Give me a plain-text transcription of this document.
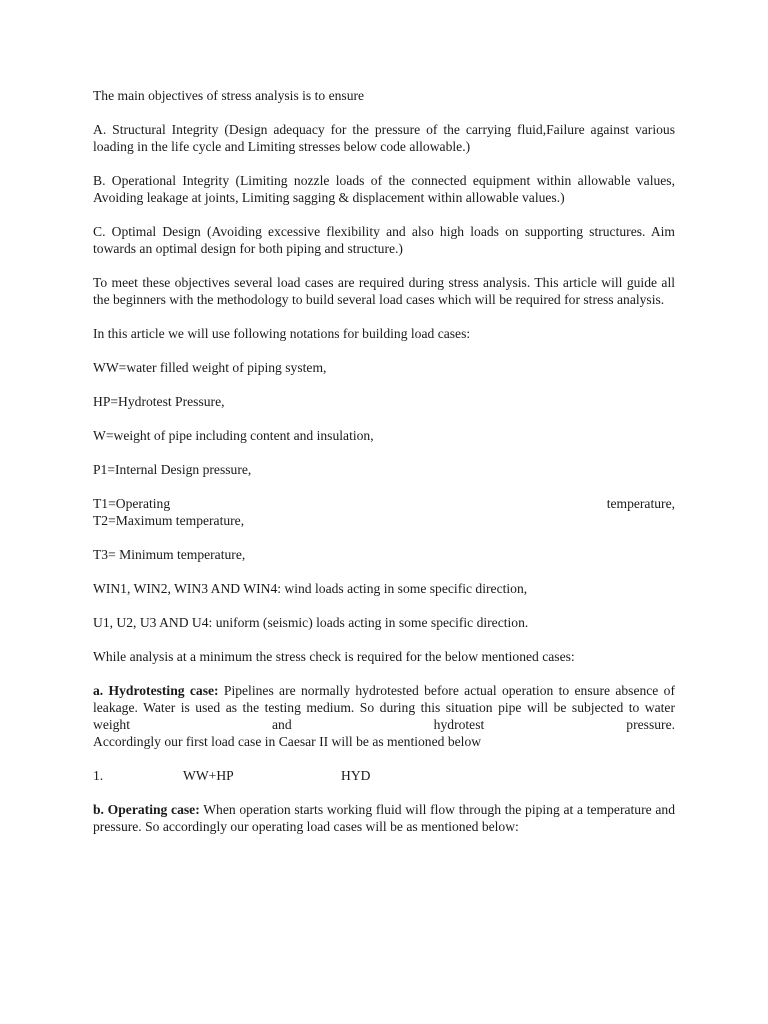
The main objectives of stress analysis is to ensure

A. Structural Integrity (Design adequacy for the pressure of the carrying fluid,Failure against various loading in the life cycle and Limiting stresses below code allowable.)

B. Operational Integrity (Limiting nozzle loads of the connected equipment within allowable values, Avoiding leakage at joints, Limiting sagging & displacement within allowable values.)

C. Optimal Design (Avoiding excessive flexibility and also high loads on supporting structures. Aim towards an optimal design for both piping and structure.)

To meet these objectives several load cases are required during stress analysis. This article will guide all the beginners with the methodology to build several load cases which will be required for stress analysis.

In this article we will use following notations for building load cases:

WW=water filled weight of piping system,

HP=Hydrotest Pressure,

W=weight of pipe including content and insulation,

P1=Internal Design pressure,

T1=Operating	temperature,
T2=Maximum temperature,

T3= Minimum temperature,

WIN1, WIN2, WIN3 AND WIN4: wind loads acting in some specific direction,

U1, U2, U3 AND U4: uniform (seismic) loads acting in some specific direction.

While analysis at a minimum the stress check is required for the below mentioned cases:

a. Hydrotesting case: Pipelines are normally hydrotested before actual operation to ensure absence of leakage. Water is used as the testing medium. So during this situation pipe will be subjected to water weight and hydrotest pressure.
Accordingly our first load case in Caesar II will be as mentioned below
1.	WW+HP	HYD

b. Operating case: When operation starts working fluid will flow through the piping at a temperature and pressure. So accordingly our operating load cases will be as mentioned below:
